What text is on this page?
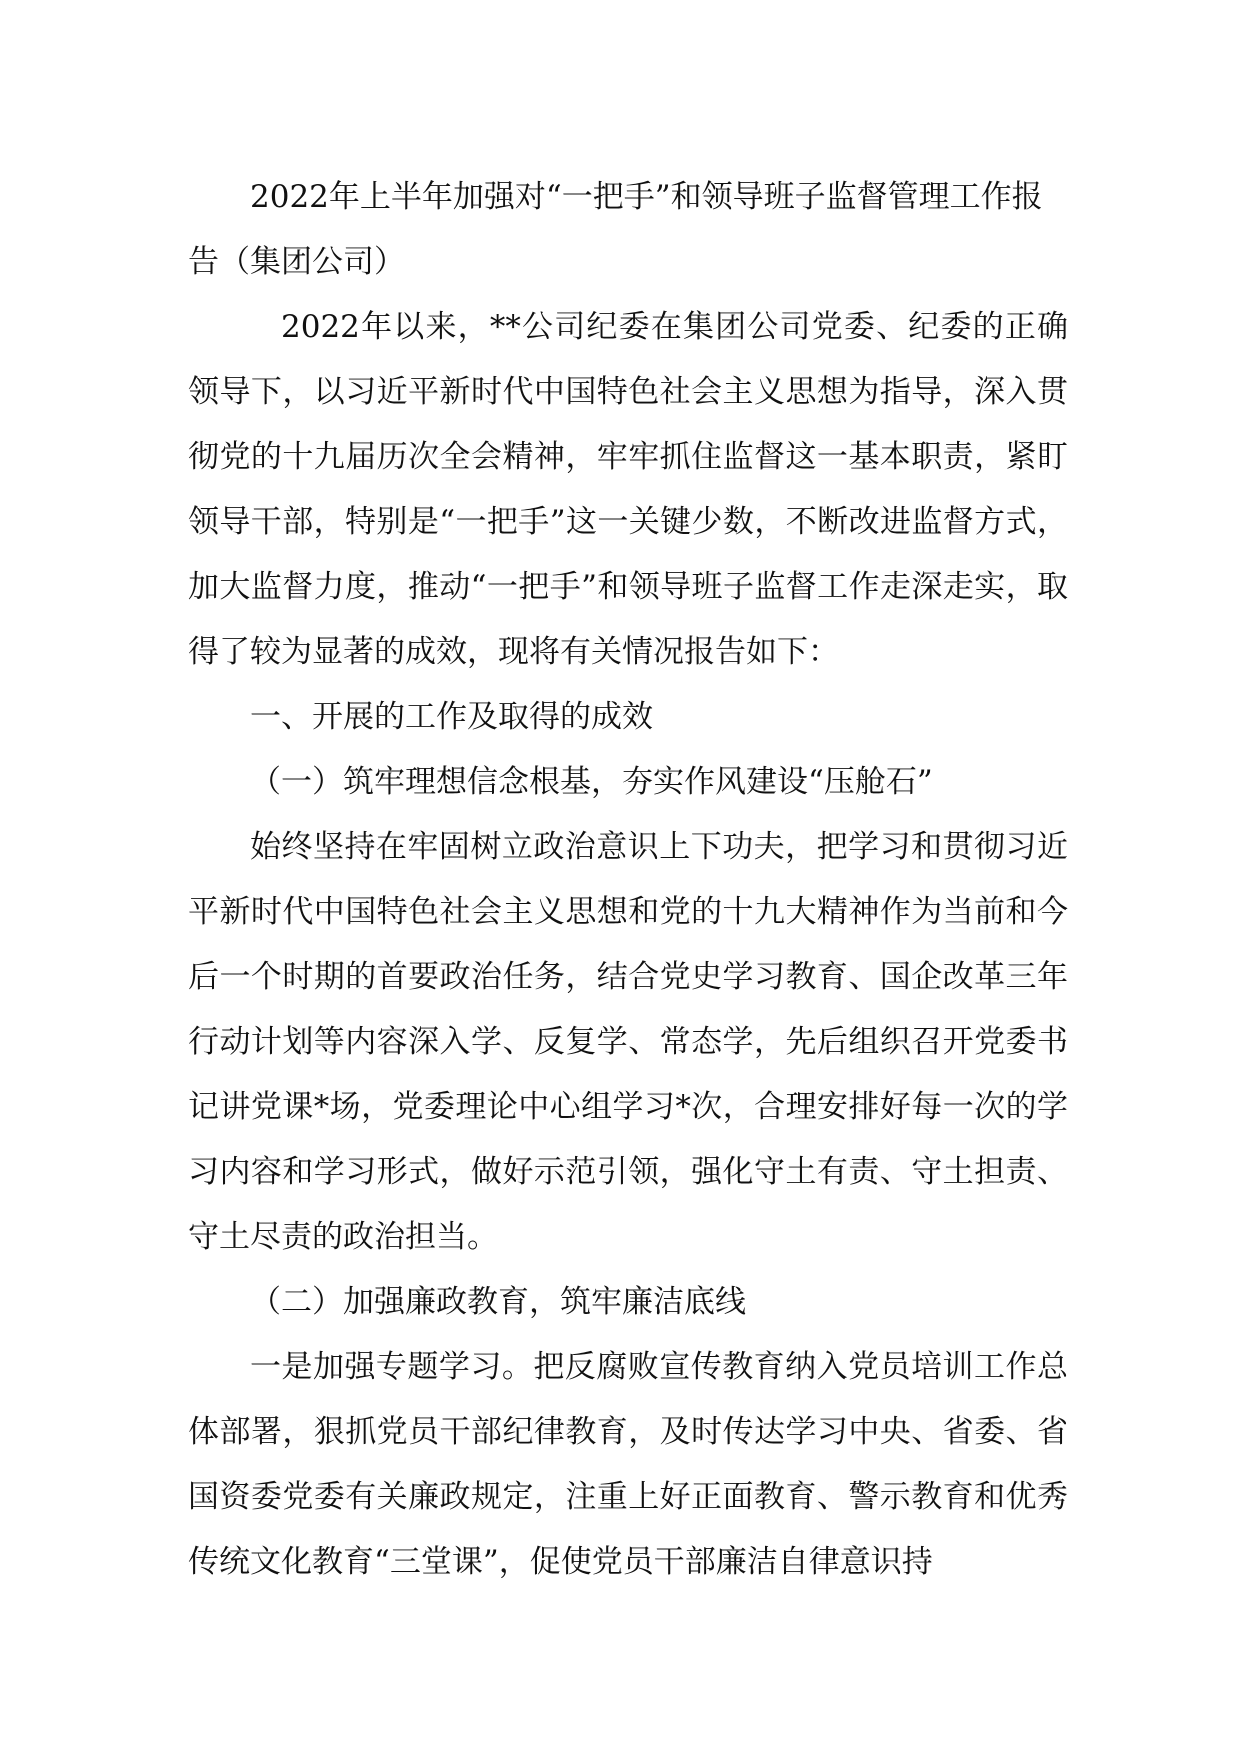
2022年上半年加强对“一把手”和领导班子监督管理工作报告（集团公司）

2022年以来，**公司纪委在集团公司党委、纪委的正确领导下，以习近平新时代中国特色社会主义思想为指导，深入贯彻党的十九届历次全会精神，牢牢抓住监督这一基本职责，紧盯领导干部，特别是“一把手”这一关键少数，不断改进监督方式，加大监督力度，推动“一把手”和领导班子监督工作走深走实，取得了较为显著的成效，现将有关情况报告如下：

一、开展的工作及取得的成效

（一）筑牢理想信念根基，夯实作风建设“压舱石”

始终坚持在牢固树立政治意识上下功夫，把学习和贯彻习近平新时代中国特色社会主义思想和党的十九大精神作为当前和今后一个时期的首要政治任务，结合党史学习教育、国企改革三年行动计划等内容深入学、反复学、常态学，先后组织召开党委书记讲党课*场，党委理论中心组学习*次，合理安排好每一次的学习内容和学习形式，做好示范引领，强化守土有责、守土担责、守土尽责的政治担当。

（二）加强廉政教育，筑牢廉洁底线

一是加强专题学习。把反腐败宣传教育纳入党员培训工作总体部署，狠抓党员干部纪律教育，及时传达学习中央、省委、省国资委党委有关廉政规定，注重上好正面教育、警示教育和优秀传统文化教育“三堂课”，促使党员干部廉洁自律意识持
